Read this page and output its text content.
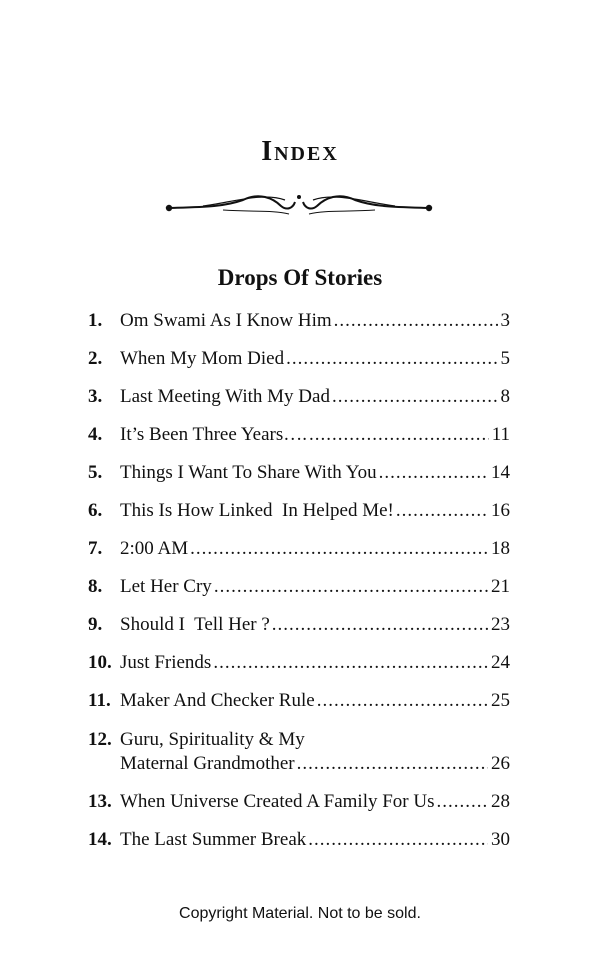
Index
Drops Of Stories
1. Om Swami As I Know Him .....	3
2. When My Mom Died .....	5
3. Last Meeting With My Dad .....	8
4. It’s Been Three Years…. .....	11
5. Things I Want To Share With You .....	14
6. This Is How Linked  In Helped Me! .....	16
7. 2:00 AM .....	18
8. Let Her Cry .....	21
9. Should I  Tell Her ? .....	23
10. Just Friends .....	24
11. Maker And Checker Rule .....	25
12. Guru, Spirituality & My
Maternal Grandmother .....	26
13. When Universe Created A Family For Us .....	28
14. The Last Summer Break .....	30
Copyright Material. Not to be sold.
